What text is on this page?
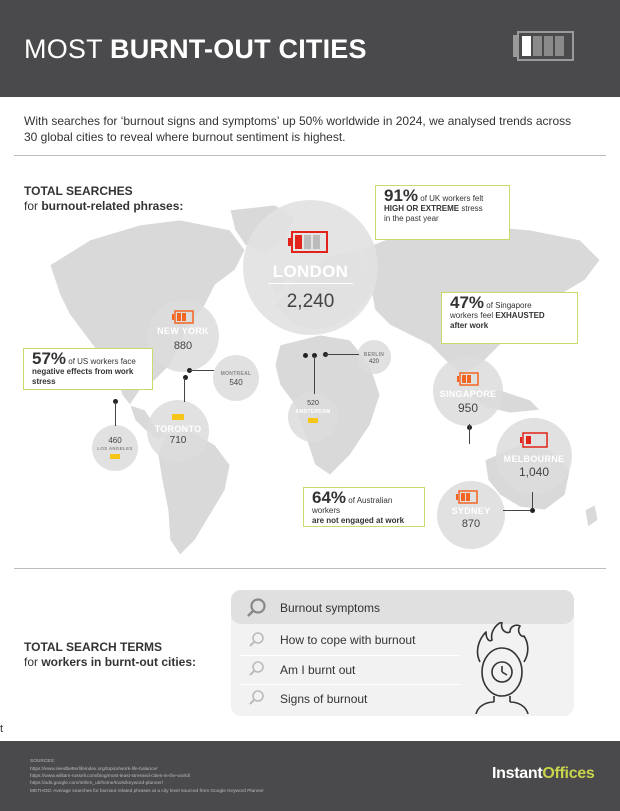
MOST BURNT-OUT CITIES
With searches for ‘burnout signs and symptoms’ up 50% worldwide in 2024, we analysed trends across 30 global cities to reveal where burnout sentiment is highest.
TOTAL SEARCHES
for burnout-related phrases:
LONDON
2,240
NEW YORK
880
MONTREAL
540
TORONTO
710
460
LOS ANGELES
BERLIN
420
520
AMSTERDAM
SINGAPORE
950
MELBOURNE
1,040
SYDNEY
870
91% of UK workers felt
HIGH OR EXTREME stress
in the past year
47% of Singapore
workers feel EXHAUSTED
after work
57% of US workers face
negative effects from work stress
64% of Australian workers
are not engaged at work
TOTAL SEARCH TERMS
for workers in burnt-out cities:
Burnout symptoms
How to cope with burnout
Am I burnt out
Signs of burnout
t
SOURCES:
https://www.needbetterlifeindex.org/topics/work-life-balance/
https://www.william-russell.com/blog/most-least-stressed-cities-in-the-world/
https://ads.google.com/intl/en_uk/home/tools/keyword-planner/
METHOD: Average searches for burnout related phrases at a city level sourced from Google Keyword Planner
InstantOffices
